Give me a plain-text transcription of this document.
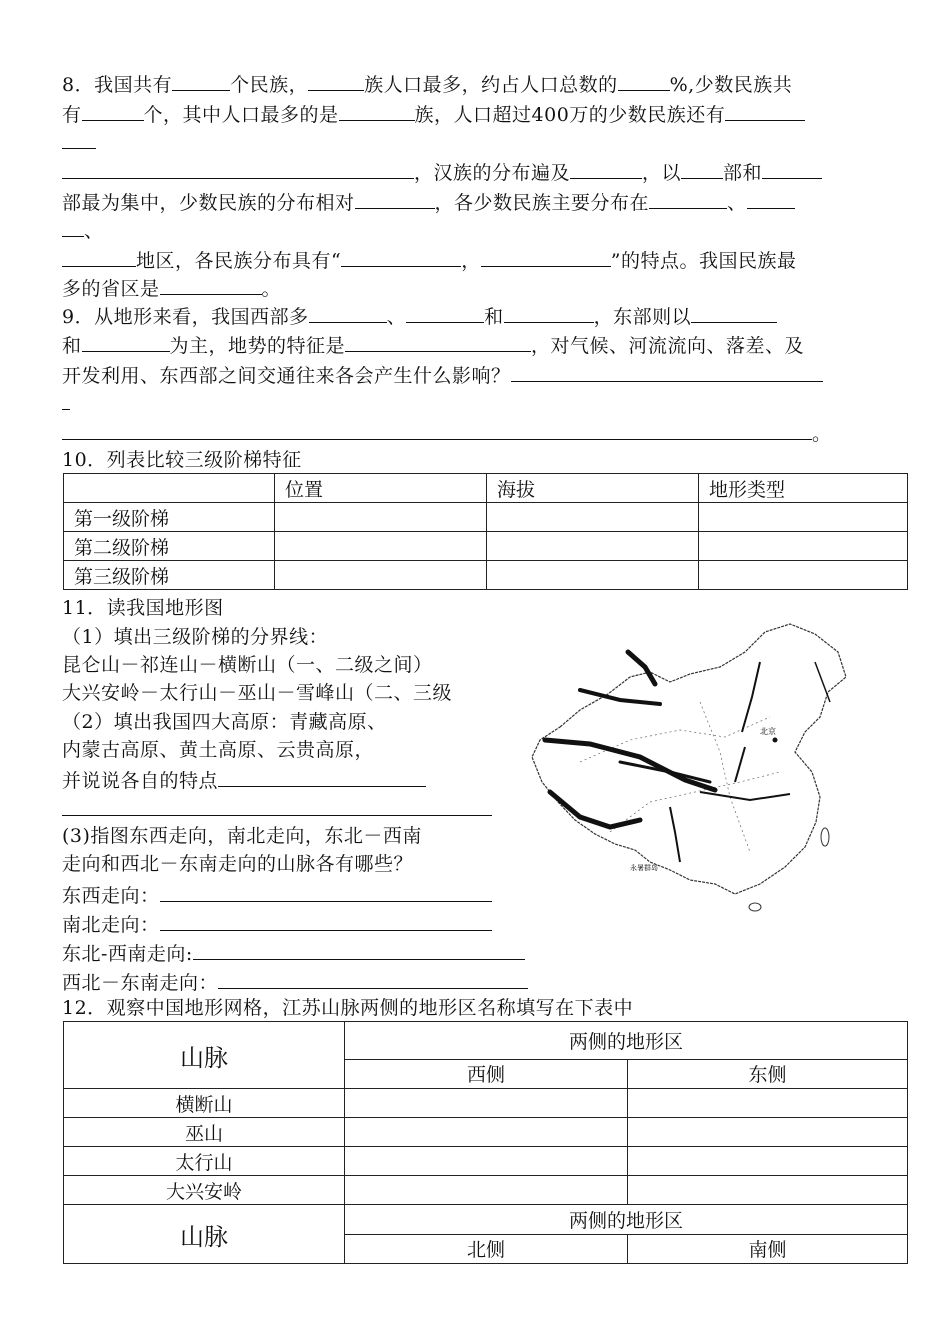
8．我国共有	个民族，	族人口最多，约占人口总数的	%,少数民族共
有	个，其中人口最多的是	族，人口超过400万的少数民族还有
，汉族的分布遍及	，以 部和
部最为集中，少数民族的分布相对	，各少数民族主要分布在	、
、
地区，各民族分布具有“	，	”的特点。我国民族最
多的省区是	。
9．从地形来看，我国西部多	、	和	，东部则以
和	为主，地势的特征是	，对气候、河流流向、落差、及
开发利用、东西部之间交通往来各会产生什么影响？
。
10．列表比较三级阶梯特征
	位置	海拔	地形类型
第一级阶梯			
第二级阶梯			
第三级阶梯			
11．读我国地形图
（1）填出三级阶梯的分界线：
昆仑山－祁连山－横断山（一、二级之间）
大兴安岭－太行山－巫山－雪峰山（二、三级
（2）填出我国四大高原：青藏高原、
内蒙古高原、黄土高原、云贵高原，
并说说各自的特点
(3)指图东西走向，南北走向，东北－西南
走向和西北－东南走向的山脉各有哪些？
东西走向：
南北走向：
东北-西南走向:
西北－东南走向：
北京
永暑群岛
12．观察中国地形网格，江苏山脉两侧的地形区名称填写在下表中
山脉	两侧的地形区	
	西侧	东侧
横断山		
巫山		
太行山		
大兴安岭		
山脉	两侧的地形区	
	北侧	南侧
